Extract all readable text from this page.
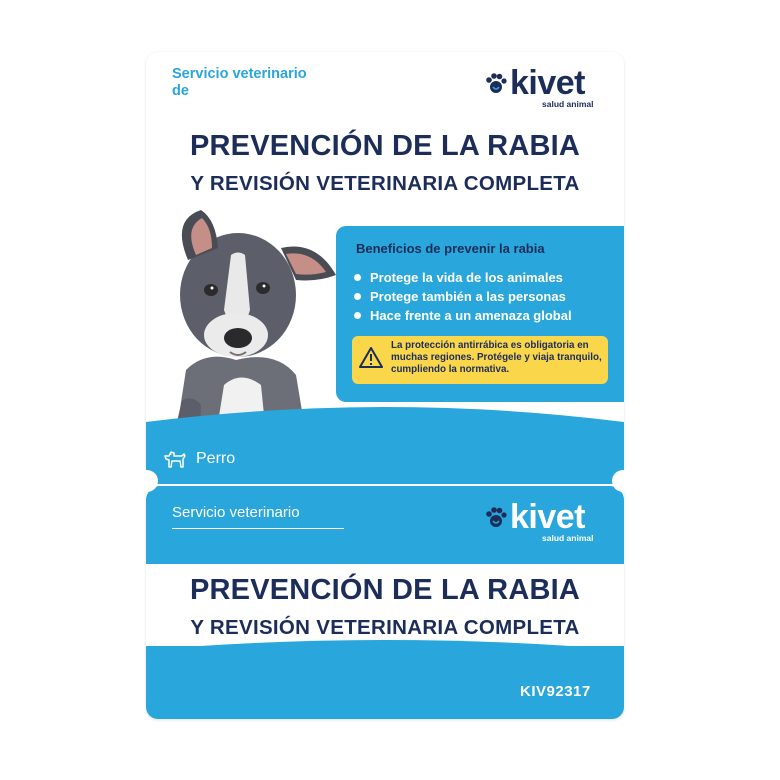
Servicio veterinario de	kivet
salud animal
PREVENCIÓN DE LA RABIA
Y REVISIÓN VETERINARIA COMPLETA
Beneficios de prevenir la rabia
Protege la vida de los animales
Protege también a las personas
Hace frente a un amenaza global
La protección antirrábica es obligatoria en muchas regiones. Protégele y viaja tranquilo, cumpliendo la normativa.
Perro
Servicio veterinario	kivet
salud animal
PREVENCIÓN DE LA RABIA
Y REVISIÓN VETERINARIA COMPLETA
KIV92317
